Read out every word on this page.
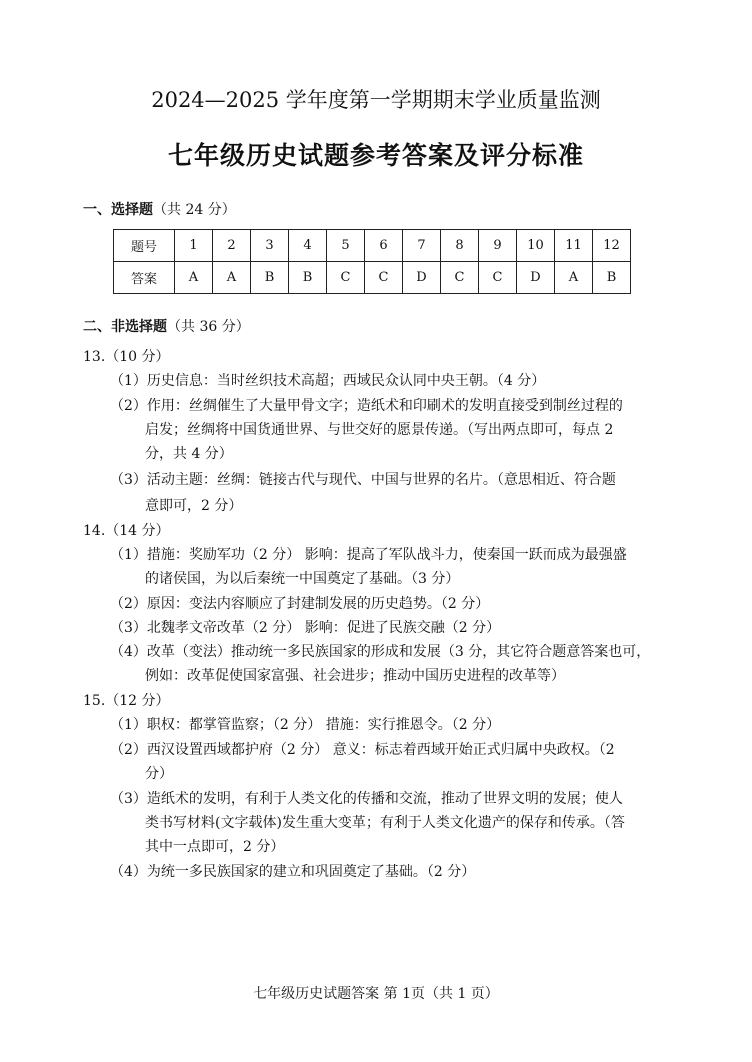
2024—2025 学年度第一学期期末学业质量监测
七年级历史试题参考答案及评分标准
一、选择题（共 24 分）
题号	1	2	3	4	5	6	7	8	9	10	11	12
答案	A	A	B	B	C	C	D	C	C	D	A	B
二、非选择题（共 36 分）
13.（10 分）
（1）历史信息：当时丝织技术高超；西域民众认同中央王朝。（4 分）
（2）作用：丝绸催生了大量甲骨文字；造纸术和印刷术的发明直接受到制丝过程的
启发；丝绸将中国货通世界、与世交好的愿景传递。（写出两点即可，每点 2
分，共 4 分）
（3）活动主题：丝绸：链接古代与现代、中国与世界的名片。（意思相近、符合题
意即可，2 分）
14.（14 分）
（1）措施：奖励军功（2 分） 影响：提高了军队战斗力，使秦国一跃而成为最强盛
的诸侯国，为以后秦统一中国奠定了基础。（3 分）
（2）原因：变法内容顺应了封建制发展的历史趋势。（2 分）
（3）北魏孝文帝改革（2 分） 影响：促进了民族交融（2 分）
（4）改革（变法）推动统一多民族国家的形成和发展（3 分，其它符合题意答案也可，
例如：改革促使国家富强、社会进步；推动中国历史进程的改革等）
15.（12 分）
（1）职权：都掌管监察；（2 分） 措施：实行推恩令。（2 分）
（2）西汉设置西域都护府（2 分） 意义：标志着西域开始正式归属中央政权。（2
分）
（3）造纸术的发明，有利于人类文化的传播和交流，推动了世界文明的发展；使人
类书写材料(文字载体)发生重大变革；有利于人类文化遗产的保存和传承。（答
其中一点即可，2 分）
（4）为统一多民族国家的建立和巩固奠定了基础。（2 分）
七年级历史试题答案 第 1页（共 1 页）
